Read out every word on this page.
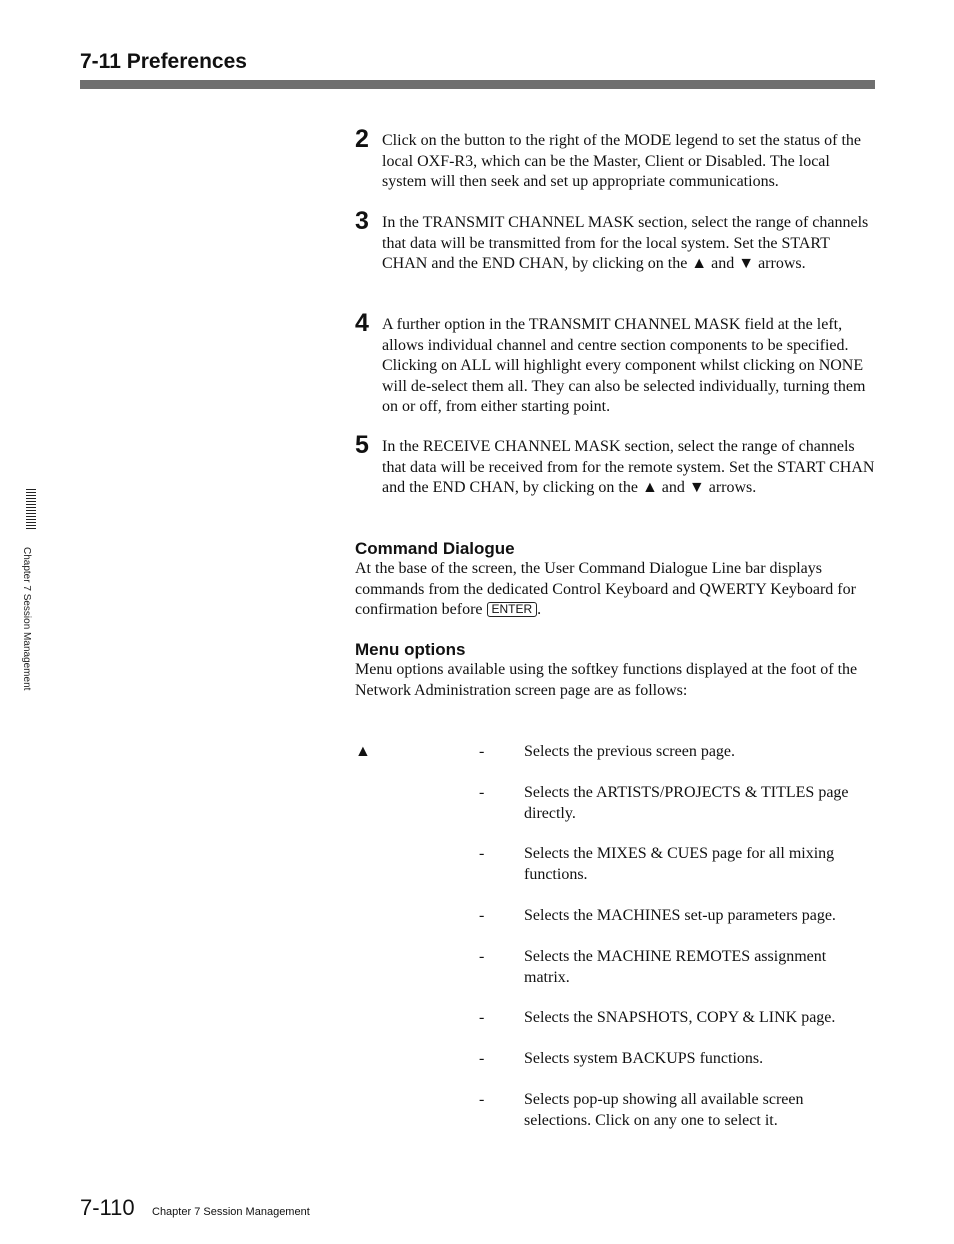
7-11 Preferences
Chapter 7 Session Management
2 Click on the button to the right of the MODE legend to set the status of the local OXF-R3, which can be the Master, Client or Disabled. The local system will then seek and set up appropriate communications.
3 In the TRANSMIT CHANNEL MASK section, select the range of channels that data will be transmitted from for the local system. Set the START CHAN and the END CHAN, by clicking on the ▲ and ▼ arrows.
4 A further option in the TRANSMIT CHANNEL MASK field at the left, allows individual channel and centre section components to be specified. Clicking on ALL will highlight every component whilst clicking on NONE will de-select them all. They can also be selected individually, turning them on or off, from either starting point.
5 In the RECEIVE CHANNEL MASK section, select the range of channels that data will be received from for the remote system. Set the START CHAN and the END CHAN, by clicking on the ▲ and ▼ arrows.
Command Dialogue
At the base of the screen, the User Command Dialogue Line bar displays commands from the dedicated Control Keyboard and QWERTY Keyboard for confirmation before ENTER .
Menu options
Menu options available using the softkey functions displayed at the foot of the Network Administration screen page are as follows:
▲	- Selects the previous screen page.
- Selects the ARTISTS/PROJECTS & TITLES page directly.
- Selects the MIXES & CUES page for all mixing functions.
- Selects the MACHINES set-up parameters page.
- Selects the MACHINE REMOTES assignment matrix.
- Selects the SNAPSHOTS, COPY & LINK page.
- Selects system BACKUPS functions.
- Selects pop-up showing all available screen selections. Click on any one to select it.
7-110 Chapter 7 Session Management
